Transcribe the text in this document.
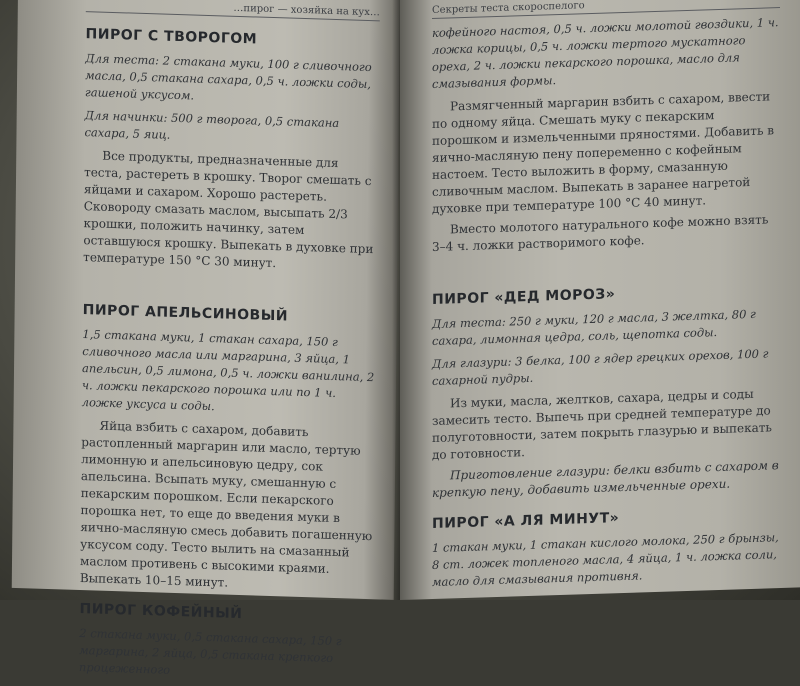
…пирог — хозяйка на кух…
ПИРОГ С ТВОРОГОМ

Для теста: 2 стакана муки, 100 г сливочного масла, 0,5 стакана сахара, 0,5 ч. ложки соды, гашеной уксусом.

Для начинки: 500 г творога, 0,5 стакана сахара, 5 яиц.

Все продукты, предназначенные для теста, растереть в крошку. Творог смешать с яйцами и сахаром. Хорошо растереть. Сковороду смазать маслом, высыпать 2/3 крошки, положить начинку, затем оставшуюся крошку. Выпекать в духовке при температуре 150 °С 30 минут.

ПИРОГ АПЕЛЬСИНОВЫЙ

1,5 стакана муки, 1 стакан сахара, 150 г сливочного масла или маргарина, 3 яйца, 1 апельсин, 0,5 лимона, 0,5 ч. ложки ванилина, 2 ч. ложки пекарского порошка или по 1 ч. ложке уксуса и соды.

Яйца взбить с сахаром, добавить растопленный маргарин или масло, тертую лимонную и апельсиновую цедру, сок апельсина. Всыпать муку, смешанную с пекарским порошком. Если пекарского порошка нет, то еще до введения муки в яично-масляную смесь добавить погашенную уксусом соду. Тесто вылить на смазанный маслом противень с высокими краями. Выпекать 10–15 минут.

ПИРОГ КОФЕЙНЫЙ

2 стакана муки, 0,5 стакана сахара, 150 г маргарина, 2 яйца, 0,5 стакана крепкого процеженного

Секреты теста скороспелого

кофейного настоя, 0,5 ч. ложки молотой гвоздики, 1 ч. ложка корицы, 0,5 ч. ложки тертого мускатного ореха, 2 ч. ложки пекарского порошка, масло для смазывания формы.

Размягченный маргарин взбить с сахаром, ввести по одному яйца. Смешать муку с пекарским порошком и измельченными пряностями. Добавить в яично-масляную пену попеременно с кофейным настоем. Тесто выложить в форму, смазанную сливочным маслом. Выпекать в заранее нагретой духовке при температуре 100 °С 40 минут.

Вместо молотого натурального кофе можно взять 3–4 ч. ложки растворимого кофе.

ПИРОГ «ДЕД МОРОЗ»

Для теста: 250 г муки, 120 г масла, 3 желтка, 80 г сахара, лимонная цедра, соль, щепотка соды.

Для глазури: 3 белка, 100 г ядер грецких орехов, 100 г сахарной пудры.

Из муки, масла, желтков, сахара, цедры и соды замесить тесто. Выпечь при средней температуре до полуготовности, затем покрыть глазурью и выпекать до готовности.

Приготовление глазури: белки взбить с сахаром в крепкую пену, добавить измельченные орехи.

ПИРОГ «А ЛЯ МИНУТ»

1 стакан муки, 1 стакан кислого молока, 250 г брынзы, 8 ст. ложек топленого масла, 4 яйца, 1 ч. ложка соли, масло для смазывания противня.
